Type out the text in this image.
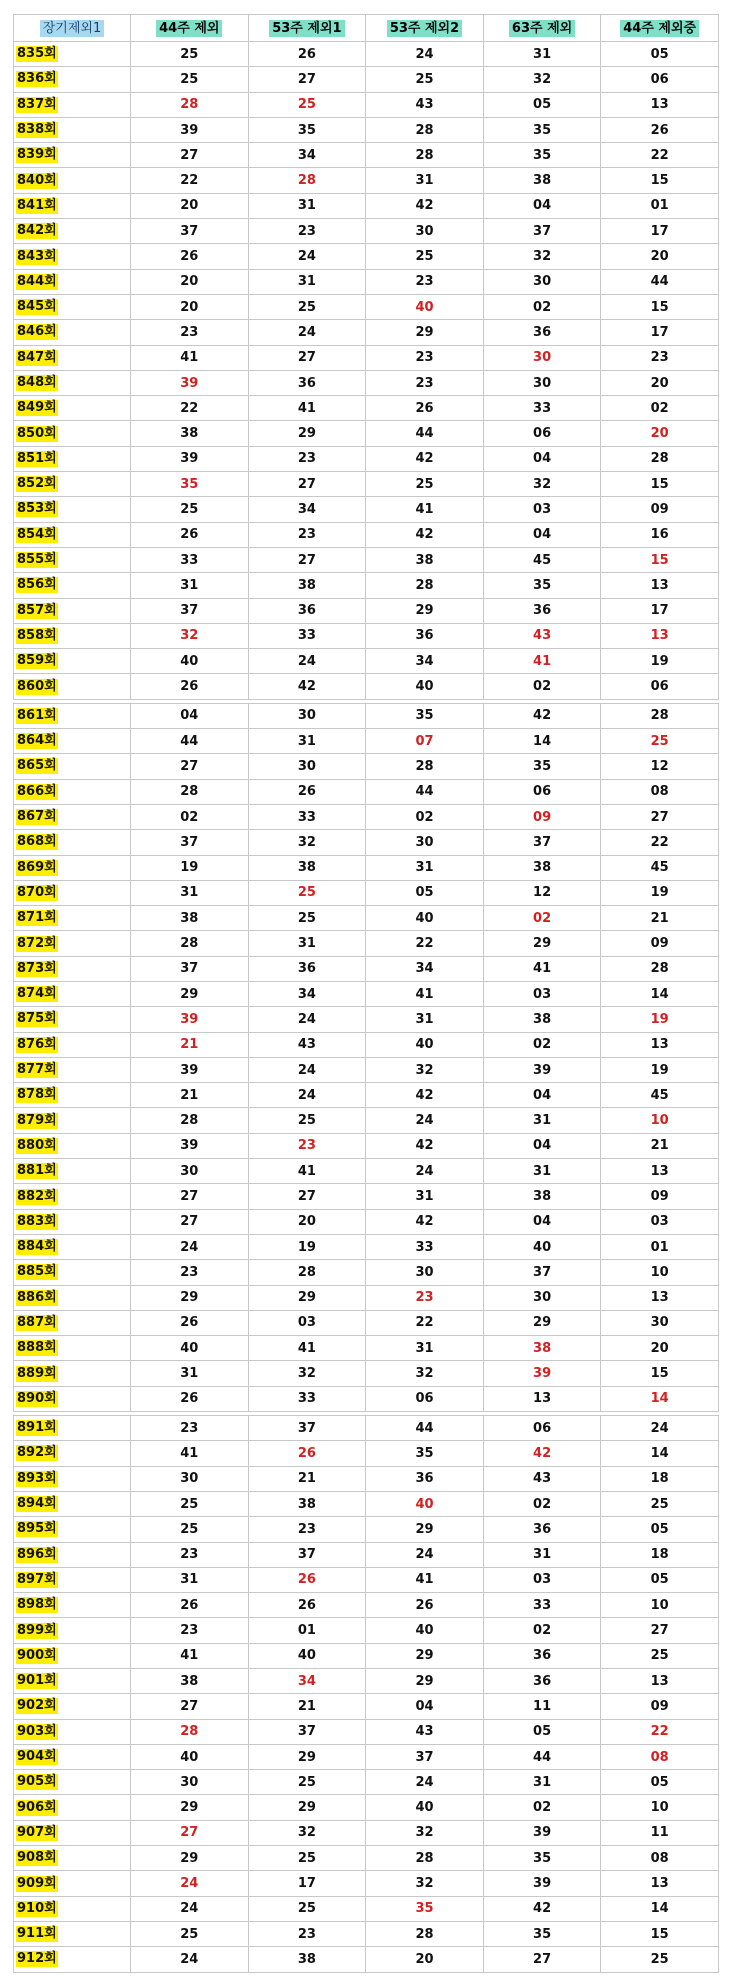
장기제외1	44주 제외	53주 제외1	53주 제외2	63주 제외	44주 제외중
835회	25	26	24	31	05
836회	25	27	25	32	06
837회	28	25	43	05	13
838회	39	35	28	35	26
839회	27	34	28	35	22
840회	22	28	31	38	15
841회	20	31	42	04	01
842회	37	23	30	37	17
843회	26	24	25	32	20
844회	20	31	23	30	44
845회	20	25	40	02	15
846회	23	24	29	36	17
847회	41	27	23	30	23
848회	39	36	23	30	20
849회	22	41	26	33	02
850회	38	29	44	06	20
851회	39	23	42	04	28
852회	35	27	25	32	15
853회	25	34	41	03	09
854회	26	23	42	04	16
855회	33	27	38	45	15
856회	31	38	28	35	13
857회	37	36	29	36	17
858회	32	33	36	43	13
859회	40	24	34	41	19
860회	26	42	40	02	06

861회	04	30	35	42	28
864회	44	31	07	14	25
865회	27	30	28	35	12
866회	28	26	44	06	08
867회	02	33	02	09	27
868회	37	32	30	37	22
869회	19	38	31	38	45
870회	31	25	05	12	19
871회	38	25	40	02	21
872회	28	31	22	29	09
873회	37	36	34	41	28
874회	29	34	41	03	14
875회	39	24	31	38	19
876회	21	43	40	02	13
877회	39	24	32	39	19
878회	21	24	42	04	45
879회	28	25	24	31	10
880회	39	23	42	04	21
881회	30	41	24	31	13
882회	27	27	31	38	09
883회	27	20	42	04	03
884회	24	19	33	40	01
885회	23	28	30	37	10
886회	29	29	23	30	13
887회	26	03	22	29	30
888회	40	41	31	38	20
889회	31	32	32	39	15
890회	26	33	06	13	14

891회	23	37	44	06	24
892회	41	26	35	42	14
893회	30	21	36	43	18
894회	25	38	40	02	25
895회	25	23	29	36	05
896회	23	37	24	31	18
897회	31	26	41	03	05
898회	26	26	26	33	10
899회	23	01	40	02	27
900회	41	40	29	36	25
901회	38	34	29	36	13
902회	27	21	04	11	09
903회	28	37	43	05	22
904회	40	29	37	44	08
905회	30	25	24	31	05
906회	29	29	40	02	10
907회	27	32	32	39	11
908회	29	25	28	35	08
909회	24	17	32	39	13
910회	24	25	35	42	14
911회	25	23	28	35	15
912회	24	38	20	27	25
